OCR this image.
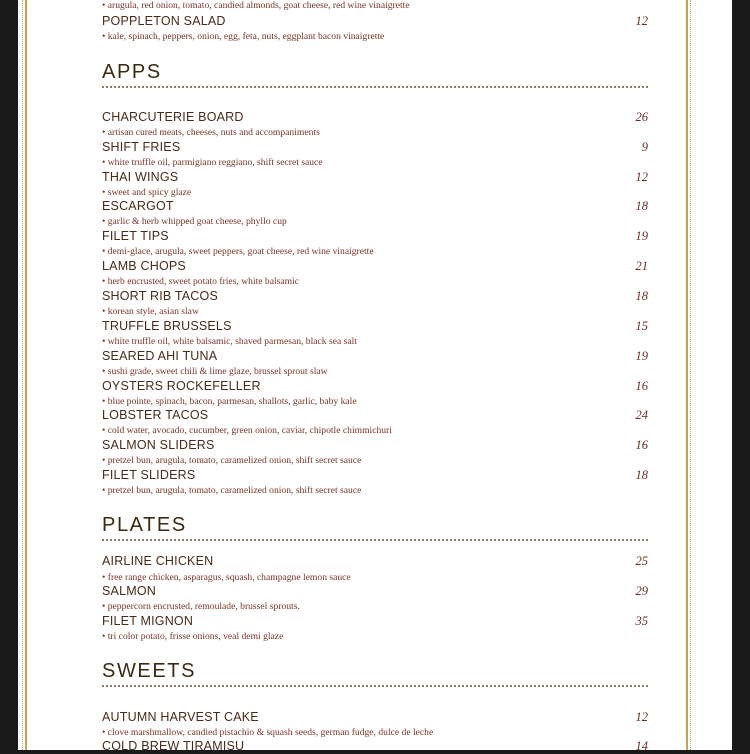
• arugula, red onion, tomato, candied almonds, goat cheese, red wine vinaigrette
POPPLETON SALAD	12
• kale, spinach, peppers, onion, egg, feta, nuts, eggplant bacon vinaigrette
APPS
CHARCUTERIE BOARD	26
• artisan cured meats, cheeses, nuts and accompaniments
SHIFT FRIES	9
• white truffle oil, parmigiano reggiano, shift secret sauce
THAI WINGS	12
• sweet and spicy glaze
ESCARGOT	18
• garlic & herb whipped goat cheese, phyllo cup
FILET TIPS	19
• demi-glace, arugula, sweet peppers, goat cheese, red wine vinaigrette
LAMB CHOPS	21
• herb encrusted, sweet potato fries, white balsamic
SHORT RIB TACOS	18
• korean style, asian slaw
TRUFFLE BRUSSELS	15
• white truffle oil, white balsamic, shaved parmesan, black sea salt
SEARED AHI TUNA	19
• sushi grade, sweet chili & lime glaze, brussel sprout slaw
OYSTERS ROCKEFELLER	16
• blue pointe, spinach, bacon, parmesan, shallots, garlic, baby kale
LOBSTER TACOS	24
• cold water, avocado, cucumber, green onion, caviar, chipotle chimmichuri
SALMON SLIDERS	16
• pretzel bun, arugula, tomato, caramelized onion, shift secret sauce
FILET SLIDERS	18
• pretzel bun, arugula, tomato, caramelized onion, shift secret sauce
PLATES
AIRLINE CHICKEN	25
• free range chicken, asparagus, squash, champagne lemon sauce
SALMON	29
• peppercorn encrusted, remoulade, brussel sprouts.
FILET MIGNON	35
• tri color potato, frisse onions, veal demi glaze
SWEETS
AUTUMN HARVEST CAKE	12
• clove marshmallow, candied pistachio & squash seeds, german fudge, dulce de leche
COLD BREW TIRAMISU	14
